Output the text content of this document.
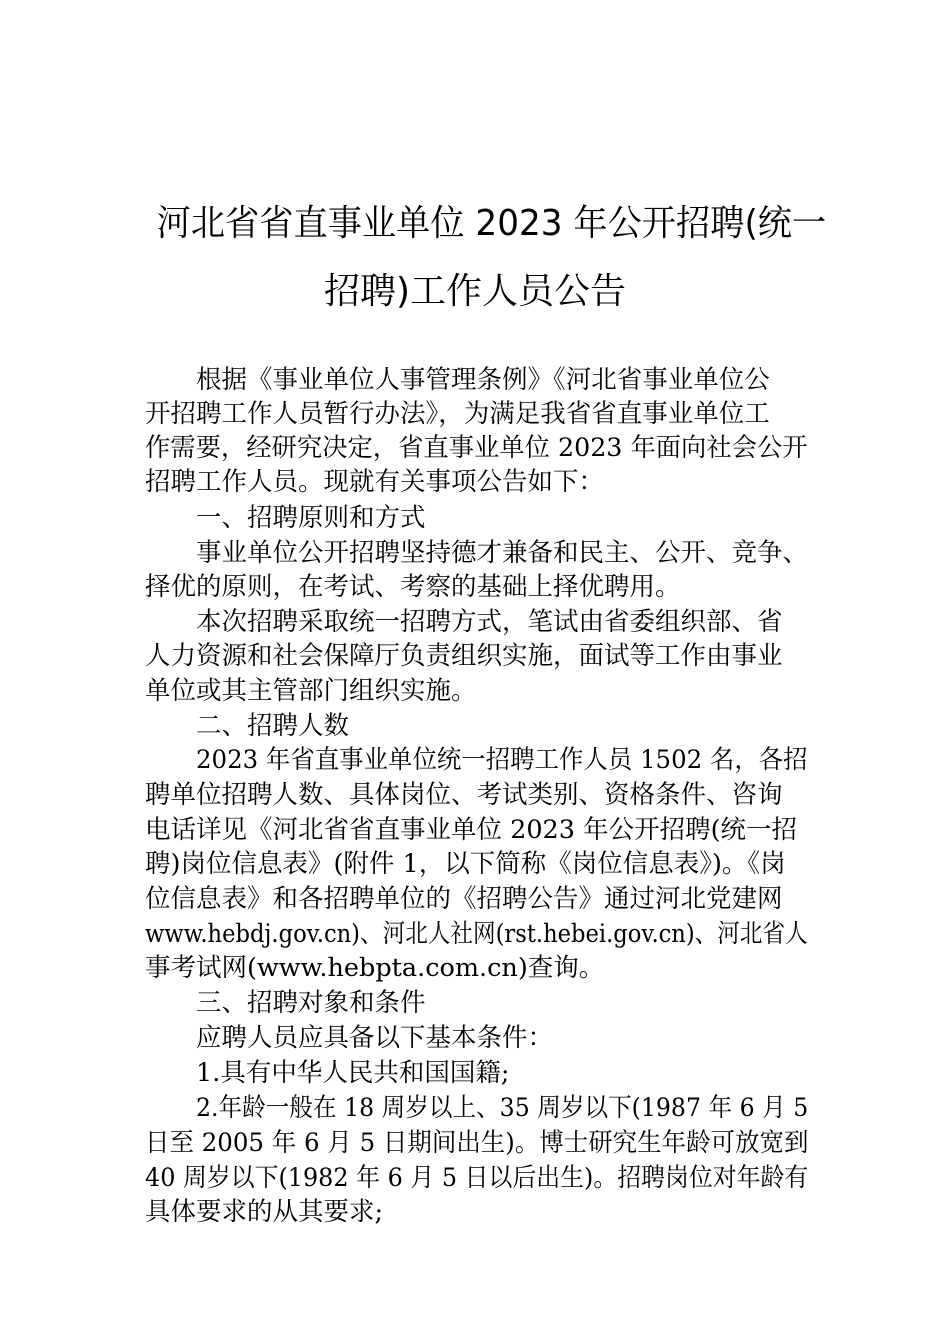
河北省省直事业单位 2023 年公开招聘(统一
招聘)工作人员公告
根据《事业单位人事管理条例》《河北省事业单位公
开招聘工作人员暂行办法》，为满足我省省直事业单位工
作需要，经研究决定，省直事业单位 2023 年面向社会公开
招聘工作人员。现就有关事项公告如下：
一、招聘原则和方式
事业单位公开招聘坚持德才兼备和民主、公开、竞争、
择优的原则，在考试、考察的基础上择优聘用。
本次招聘采取统一招聘方式，笔试由省委组织部、省
人力资源和社会保障厅负责组织实施，面试等工作由事业
单位或其主管部门组织实施。
二、招聘人数
2023 年省直事业单位统一招聘工作人员 1502 名，各招
聘单位招聘人数、具体岗位、考试类别、资格条件、咨询
电话详见《河北省省直事业单位 2023 年公开招聘(统一招
聘)岗位信息表》(附件 1，以下简称《岗位信息表》)。《岗
位信息表》和各招聘单位的《招聘公告》通过河北党建网
www.hebdj.gov.cn)、河北人社网(rst.hebei.gov.cn)、河北省人
事考试网(www.hebpta.com.cn)查询。
三、招聘对象和条件
应聘人员应具备以下基本条件：
1.具有中华人民共和国国籍;
2.年龄一般在 18 周岁以上、35 周岁以下(1987 年 6 月 5
日至 2005 年 6 月 5 日期间出生)。博士研究生年龄可放宽到
40 周岁以下(1982 年 6 月 5 日以后出生)。招聘岗位对年龄有
具体要求的从其要求;
